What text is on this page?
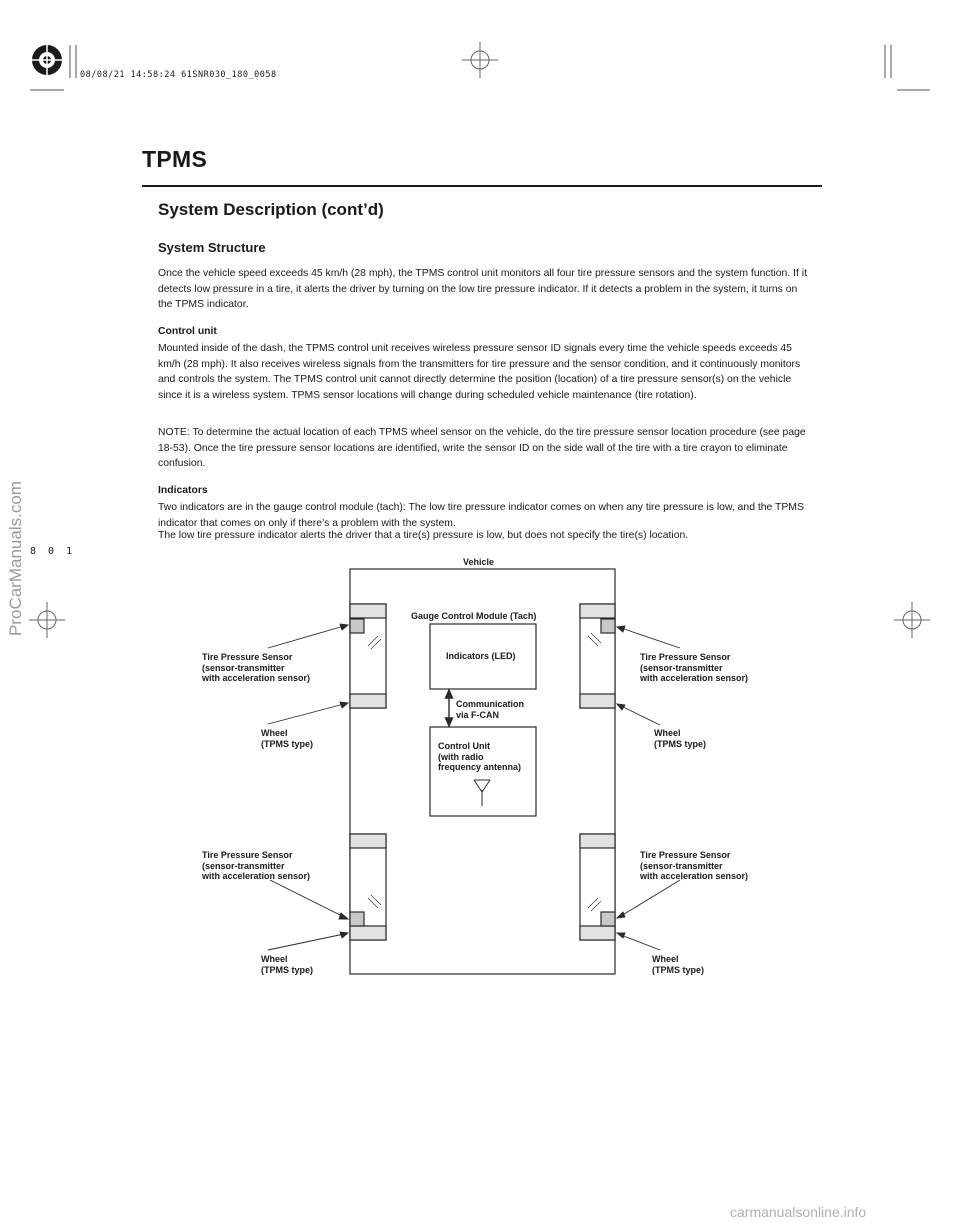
08/08/21 14:58:24 61SNR030_180_0058
TPMS
System Description (cont’d)
System Structure

Once the vehicle speed exceeds 45 km/h (28 mph), the TPMS control unit monitors all four tire pressure sensors and the system function. If it detects low pressure in a tire, it alerts the driver by turning on the low tire pressure indicator. If it detects a problem in the system, it turns on the TPMS indicator.

Control unit

Mounted inside of the dash, the TPMS control unit receives wireless pressure sensor ID signals every time the vehicle speeds exceeds 45 km/h (28 mph). It also receives wireless signals from the transmitters for tire pressure and the sensor condition, and it continuously monitors and controls the system. The TPMS control unit cannot directly determine the position (location) of a tire pressure sensor(s) on the vehicle since it is a wireless system. TPMS sensor locations will change during scheduled vehicle maintenance (tire rotation).

NOTE: To determine the actual location of each TPMS wheel sensor on the vehicle, do the tire pressure sensor location procedure (see page 18-53). Once the tire pressure sensor locations are identified, write the sensor ID on the side wall of the tire with a tire crayon to eliminate confusion.

Indicators

Two indicators are in the gauge control module (tach): The low tire pressure indicator comes on when any tire pressure is low, and the TPMS indicator that comes on only if there’s a problem with the system.

The low tire pressure indicator alerts the driver that a tire(s) pressure is low, but does not specify the tire(s) location.

Vehicle
Gauge Control Module (Tach)
Indicators (LED)
Communication
via F-CAN
Control Unit
(with radio
frequency antenna)
Tire Pressure Sensor
(sensor-transmitter
with acceleration sensor)
Wheel
(TPMS type)
Tire Pressure Sensor
(sensor-transmitter
with acceleration sensor)
Wheel
(TPMS type)
Tire Pressure Sensor
(sensor-transmitter
with acceleration sensor)
Wheel
(TPMS type)
Tire Pressure Sensor
(sensor-transmitter
with acceleration sensor)
Wheel
(TPMS type)
8 0 1
ProCarManuals.com
carmanualsonline.info
